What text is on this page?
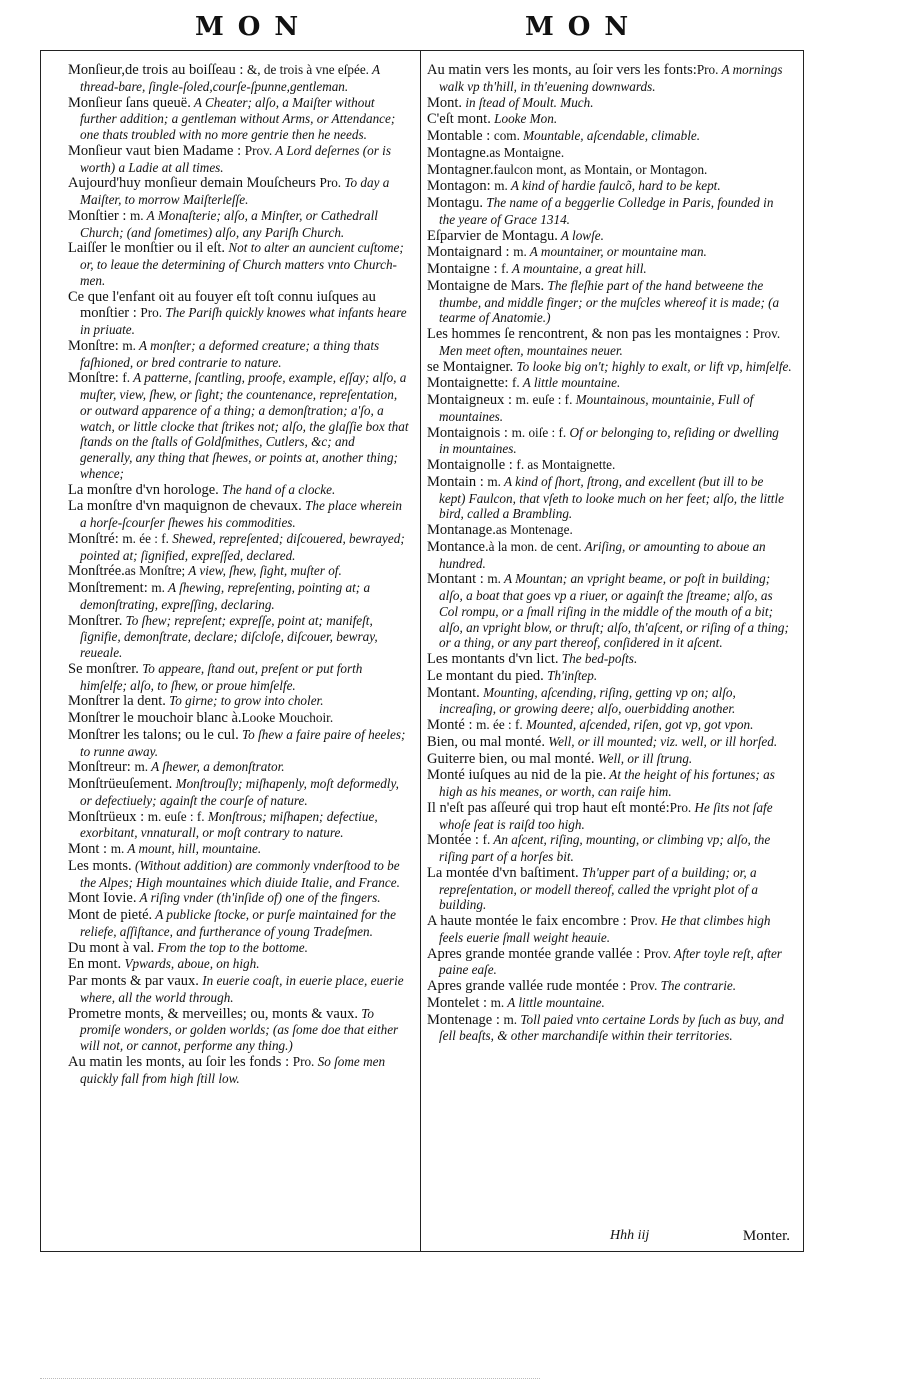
MON	MON

Monſieur,de trois au boiſſeau : &, de trois à vne eſpée. A thread-bare, ſingle-ſoled,courſe-ſpunne,gentleman.

Monſieur ſans queuë. A Cheater; alſo, a Maiſter without further addition; a gentleman without Arms, or Attendance; one thats troubled with no more gentrie then he needs.

Monſieur vaut bien Madame : Prov. A Lord deſernes (or is worth) a Ladie at all times.

Aujourd'huy monſieur demain Mouſcheurs Pro. To day a Maiſter, to morrow Maiſterleſſe.

Monſtier : m. A Monaſterie; alſo, a Minſter, or Cathedrall Church; (and ſometimes) alſo, any Pariſh Church.

Laiſſer le monſtier ou il eſt. Not to alter an auncient cuſtome; or, to leaue the determining of Church matters vnto Church-men.

Ce que l'enfant oit au fouyer eſt toſt connu iuſques au monſtier : Pro. The Pariſh quickly knowes what infants heare in priuate.

Monſtre: m. A monſter; a deformed creature; a thing thats faſhioned, or bred contrarie to nature.

Monſtre: f. A patterne, ſcantling, proofe, example, eſſay; alſo, a muſter, view, ſhew, or ſight; the countenance, repreſentation, or outward apparence of a thing; a demonſtration; a'ſo, a watch, or little clocke that ſtrikes not; alſo, the glaſſie box that ſtands on the ſtalls of Goldſmithes, Cutlers, &c; and generally, any thing that ſhewes, or points at, another thing; whence;

La monſtre d'vn horologe. The hand of a clocke.

La monſtre d'vn maquignon de chevaux. The place wherein a horſe-ſcourſer ſhewes his commodities.

Monſtré: m. ée : f. Shewed, repreſented; diſcouered, bewrayed; pointed at; ſignified, expreſſed, declared.

Monſtrée.as Monſtre; A view, ſhew, ſight, muſter of.

Monſtrement: m. A ſhewing, repreſenting, pointing at; a demonſtrating, expreſſing, declaring.

Monſtrer. To ſhew; repreſent; expreſſe, point at; manifeſt, ſignifie, demonſtrate, declare; diſcloſe, diſcouer, bewray, reueale.

Se monſtrer. To appeare, ſtand out, preſent or put forth himſelfe; alſo, to ſhew, or proue himſelfe.

Monſtrer la dent. To girne; to grow into choler.

Monſtrer le mouchoir blanc à.Looke Mouchoir.

Monſtrer les talons; ou le cul. To ſhew a faire paire of heeles; to runne away.

Monſtreur: m. A ſhewer, a demonſtrator.

Monſtrüeuſement. Monſtrouſly; miſhapenly, moſt deformedly, or defectiuely; againſt the courſe of nature.

Monſtrüeux : m. euſe : f. Monſtrous; miſhapen; defectiue, exorbitant, vnnaturall, or moſt contrary to nature.

Mont : m. A mount, hill, mountaine.

Les monts. (Without addition) are commonly vnderſtood to be the Alpes; High mountaines which diuide Italie, and France.

Mont Iovie. A riſing vnder (th'inſide of) one of the fingers.

Mont de pieté. A publicke ſtocke, or purſe maintained for the reliefe, aſſiſtance, and furtherance of young Tradeſmen.

Du mont à val. From the top to the bottome.

En mont. Vpwards, aboue, on high.

Par monts & par vaux. In euerie coaſt, in euerie place, euerie where, all the world through.

Prometre monts, & merveilles; ou, monts & vaux. To promiſe wonders, or golden worlds; (as ſome doe that either will not, or cannot, performe any thing.)

Au matin les monts, au ſoir les fonds : Pro. So ſome men quickly fall from high ſtill low.

Au matin vers les monts, au ſoir vers les fonts:Pro. A mornings walk vp th'hill, in th'euening downwards.

Mont. in ſtead of Moult. Much.

C'eſt mont. Looke Mon.

Montable : com. Mountable, aſcendable, climable.

Montagne.as Montaigne.

Montagner.faulcon mont, as Montain, or Montagon.

Montagon: m. A kind of hardie faulcõ, hard to be kept.

Montagu. The name of a beggerlie Colledge in Paris, founded in the yeare of Grace 1314.

Eſparvier de Montagu. A lowſe.

Montaignard : m. A mountainer, or mountaine man.

Montaigne : f. A mountaine, a great hill.

Montaigne de Mars. The fleſhie part of the hand betweene the thumbe, and middle finger; or the muſcles whereof it is made; (a tearme of Anatomie.)

Les hommes ſe rencontrent, & non pas les montaignes : Prov. Men meet often, mountaines neuer.

se Montaigner. To looke big on't; highly to exalt, or lift vp, himſelfe.

Montaignette: f. A little mountaine.

Montaigneux : m. euſe : f. Mountainous, mountainie, Full of mountaines.

Montaignois : m. oiſe : f. Of or belonging to, reſiding or dwelling in mountaines.

Montaignolle : f. as Montaignette.

Montain : m. A kind of ſhort, ſtrong, and excellent (but ill to be kept) Faulcon, that vſeth to looke much on her feet; alſo, the little bird, called a Brambling.

Montanage.as Montenage.

Montance.à la mon. de cent. Ariſing, or amounting to aboue an hundred.

Montant : m. A Mountan; an vpright beame, or poſt in building; alſo, a boat that goes vp a riuer, or againſt the ſtreame; alſo, as Col rompu, or a ſmall riſing in the middle of the mouth of a bit; alſo, an vpright blow, or thruſt; alſo, th'aſcent, or riſing of a thing; or a thing, or any part thereof, conſidered in it aſcent.

Les montants d'vn lict. The bed-poſts.

Le montant du pied. Th'inſtep.

Montant. Mounting, aſcending, riſing, getting vp on; alſo, increaſing, or growing deere; alſo, ouerbidding another.

Monté : m. ée : f. Mounted, aſcended, riſen, got vp, got vpon.

Bien, ou mal monté. Well, or ill mounted; viz. well, or ill horſed.

Guiterre bien, ou mal monté. Well, or ill ſtrung.

Monté iuſques au nid de la pie. At the height of his fortunes; as high as his meanes, or worth, can raiſe him.

Il n'eſt pas aſſeuré qui trop haut eſt monté:Pro. He ſits not ſafe whoſe ſeat is raiſd too high.

Montée : f. An aſcent, riſing, mounting, or climbing vp; alſo, the riſing part of a horſes bit.

La montée d'vn baſtiment. Th'upper part of a building; or, a repreſentation, or modell thereof, called the vpright plot of a building.

A haute montée le faix encombre : Prov. He that climbes high feels euerie ſmall weight heauie.

Apres grande montée grande vallée : Prov. After toyle reſt, after paine eaſe.

Apres grande vallée rude montée : Prov. The contrarie.

Montelet : m. A little mountaine.

Montenage : m. Toll paied vnto certaine Lords by ſuch as buy, and ſell beaſts, & other marchandiſe within their territories.

Hhh iij	Monter.
